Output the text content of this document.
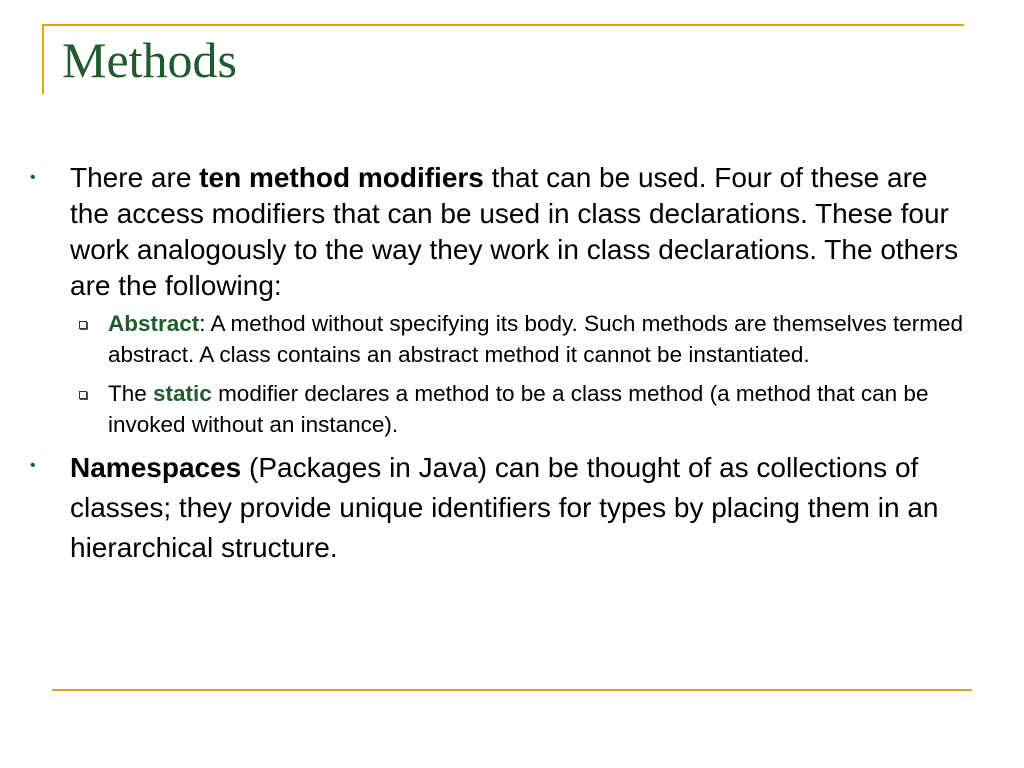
Methods
• There are ten method modifiers that can be used. Four of these are the access modifiers that can be used in class declarations. These four work analogously to the way they work in class declarations. The others are the following:
Abstract: A method without specifying its body. Such methods are themselves termed abstract. A class contains an abstract method it cannot be instantiated.
The static modifier declares a method to be a class method (a method that can be invoked without an instance).
• Namespaces (Packages in Java) can be thought of as collections of classes; they provide unique identifiers for types by placing them in an hierarchical structure.
